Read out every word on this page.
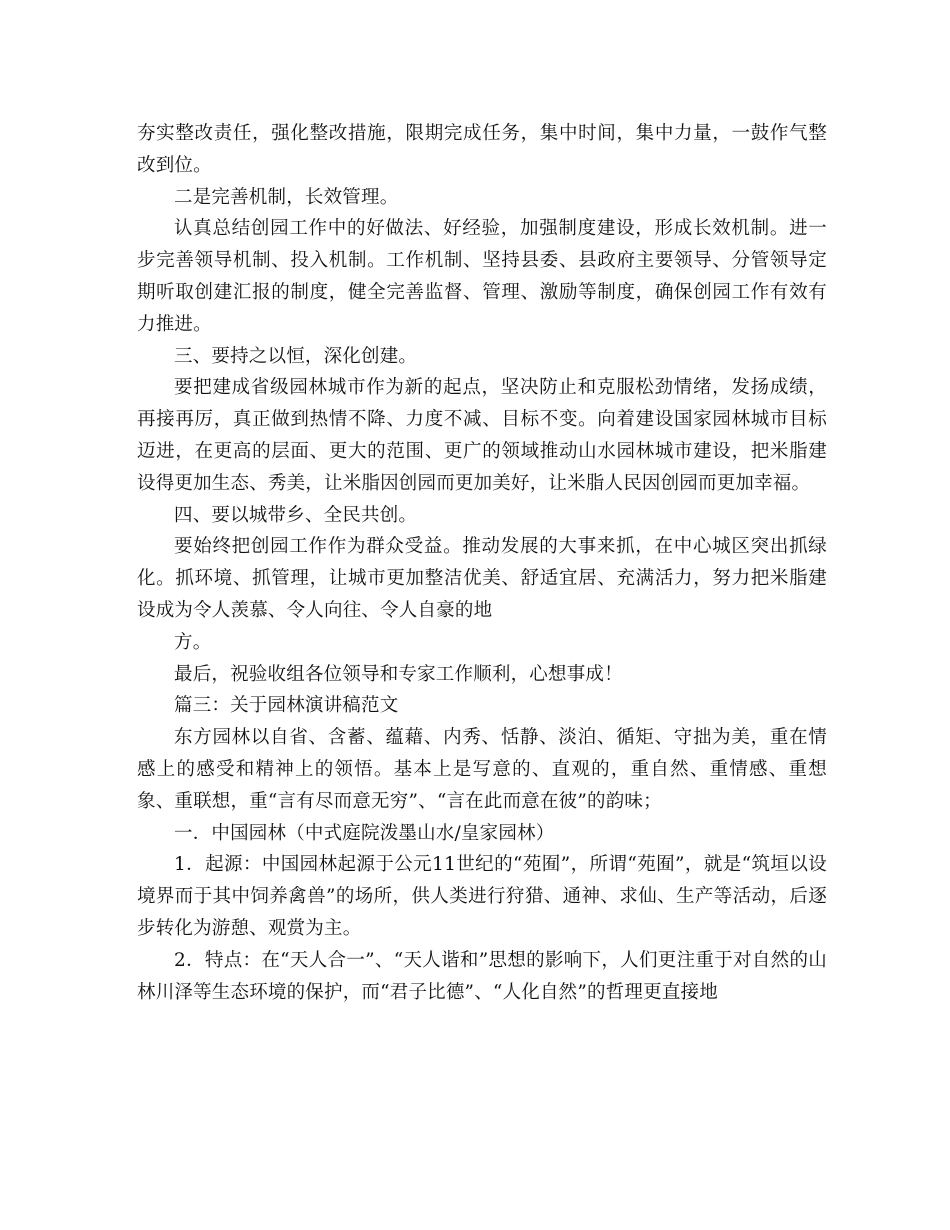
夯实整改责任，强化整改措施，限期完成任务，集中时间，集中力量，一鼓作气整改到位。

二是完善机制，长效管理。

认真总结创园工作中的好做法、好经验，加强制度建设，形成长效机制。进一步完善领导机制、投入机制。工作机制、坚持县委、县政府主要领导、分管领导定期听取创建汇报的制度，健全完善监督、管理、激励等制度，确保创园工作有效有力推进。

三、要持之以恒，深化创建。

要把建成省级园林城市作为新的起点，坚决防止和克服松劲情绪，发扬成绩，再接再厉，真正做到热情不降、力度不减、目标不变。向着建设国家园林城市目标迈进，在更高的层面、更大的范围、更广的领域推动山水园林城市建设，把米脂建设得更加生态、秀美，让米脂因创园而更加美好，让米脂人民因创园而更加幸福。

四、要以城带乡、全民共创。

要始终把创园工作作为群众受益。推动发展的大事来抓，在中心城区突出抓绿化。抓环境、抓管理，让城市更加整洁优美、舒适宜居、充满活力，努力把米脂建设成为令人羡慕、令人向往、令人自豪的地

方。

最后，祝验收组各位领导和专家工作顺利，心想事成！

篇三：关于园林演讲稿范文

东方园林以自省、含蓄、蕴藉、内秀、恬静、淡泊、循矩、守拙为美，重在情感上的感受和精神上的领悟。基本上是写意的、直观的，重自然、重情感、重想象、重联想，重“言有尽而意无穷”、“言在此而意在彼”的韵味；

一．中国园林（中式庭院泼墨山水/皇家园林）

1．起源：中国园林起源于公元11世纪的“苑囿”，所谓“苑囿”，就是“筑垣以设境界而于其中饲养禽兽”的场所，供人类进行狩猎、通神、求仙、生产等活动，后逐步转化为游憩、观赏为主。

2．特点：在“天人合一”、“天人谐和”思想的影响下，人们更注重于对自然的山林川泽等生态环境的保护，而“君子比德”、“人化自然”的哲理更直接地
